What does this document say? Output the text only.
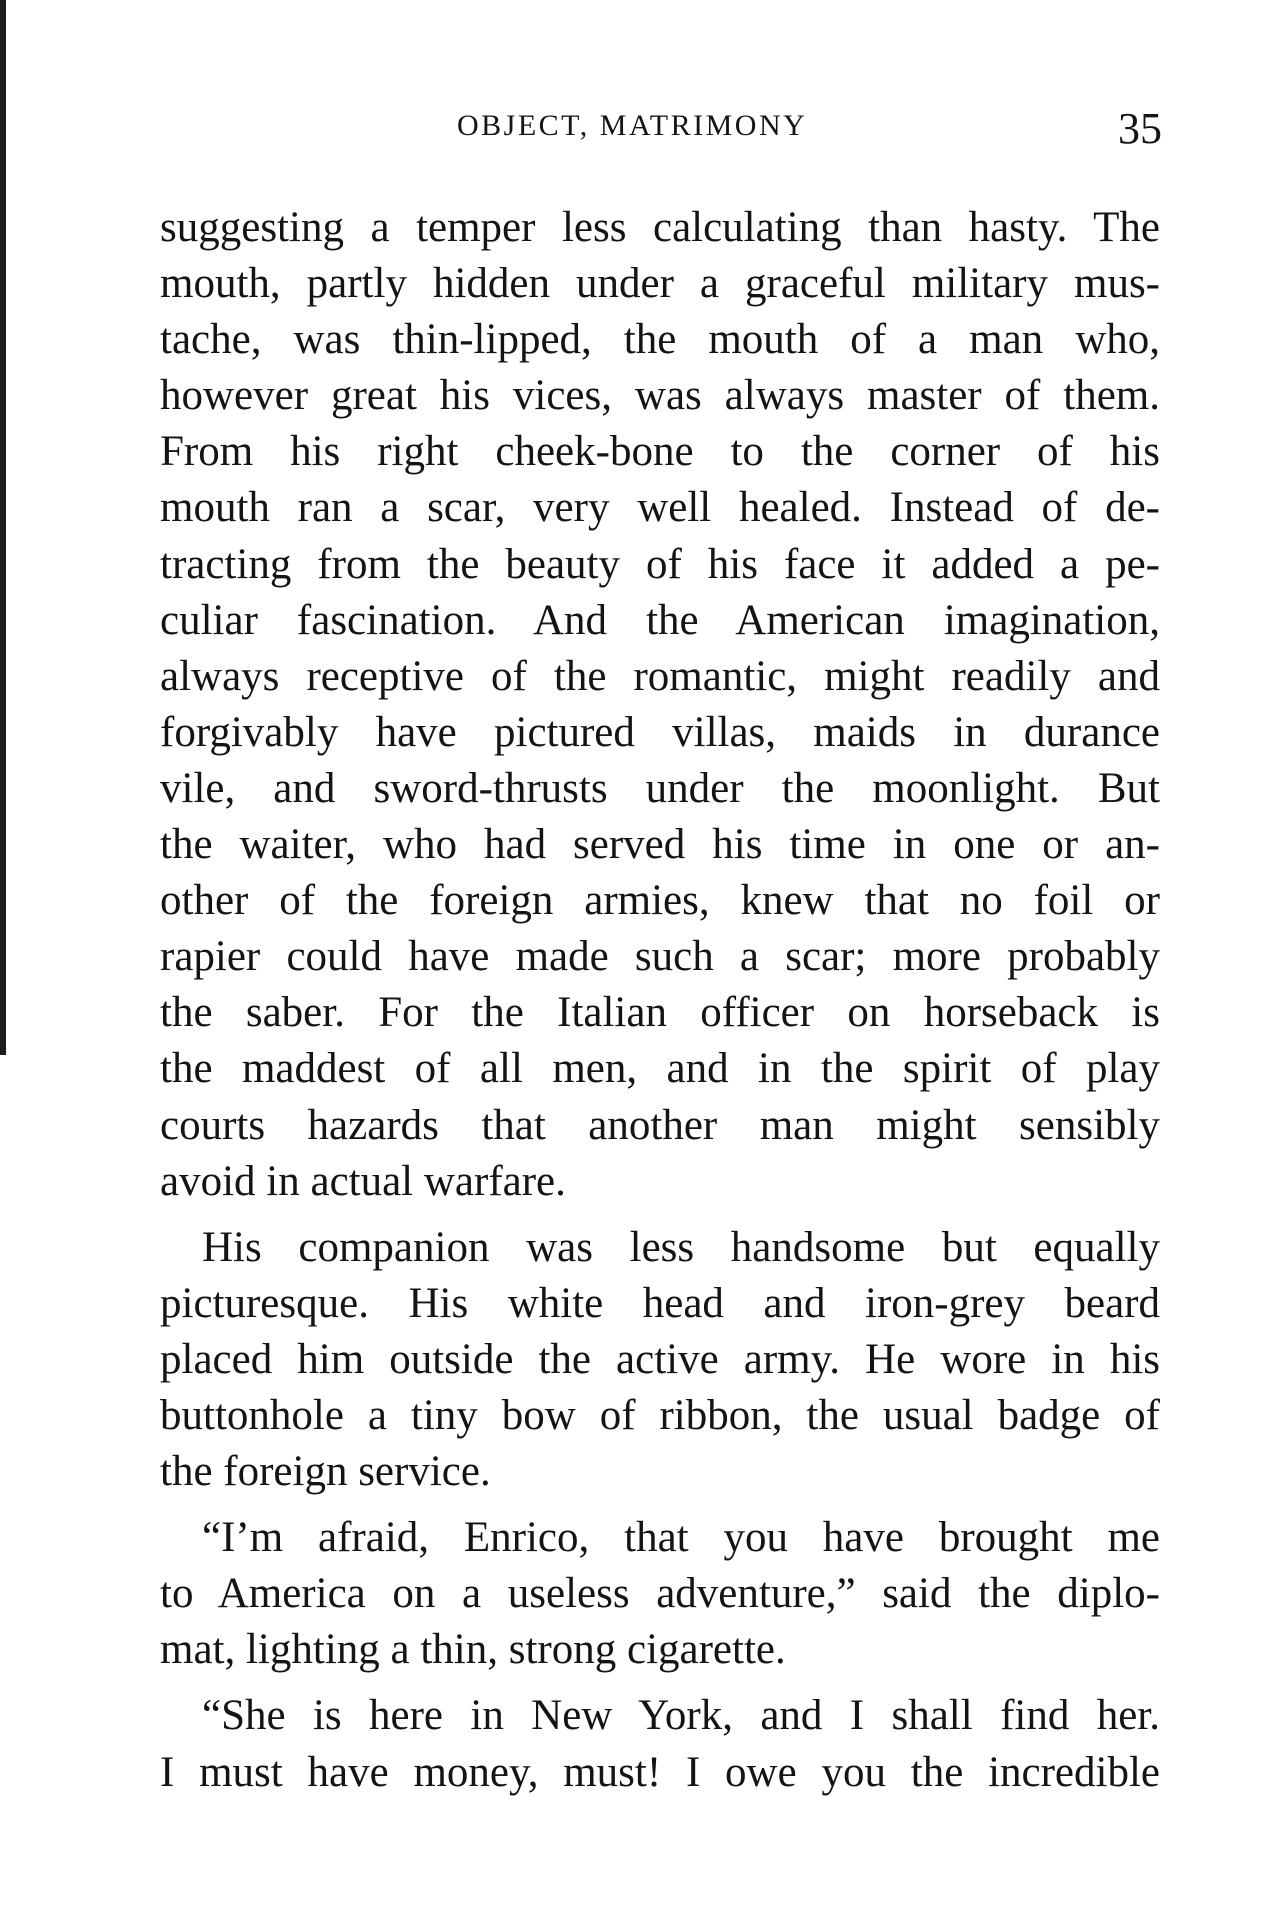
OBJECT, MATRIMONY	35
suggesting a temper less calculating than hasty. The
mouth, partly hidden under a graceful military mus-
tache, was thin-lipped, the mouth of a man who,
however great his vices, was always master of them.
From his right cheek-bone to the corner of his
mouth ran a scar, very well healed. Instead of de-
tracting from the beauty of his face it added a pe-
culiar fascination. And the American imagination,
always receptive of the romantic, might readily and
forgivably have pictured villas, maids in durance
vile, and sword-thrusts under the moonlight. But
the waiter, who had served his time in one or an-
other of the foreign armies, knew that no foil or
rapier could have made such a scar; more probably
the saber. For the Italian officer on horseback is
the maddest of all men, and in the spirit of play
courts hazards that another man might sensibly
avoid in actual warfare.
His companion was less handsome but equally
picturesque. His white head and iron-grey beard
placed him outside the active army. He wore in his
buttonhole a tiny bow of ribbon, the usual badge of
the foreign service.
“I’m afraid, Enrico, that you have brought me
to America on a useless adventure,” said the diplo-
mat, lighting a thin, strong cigarette.
“She is here in New York, and I shall find her.
I must have money, must! I owe you the incredible
